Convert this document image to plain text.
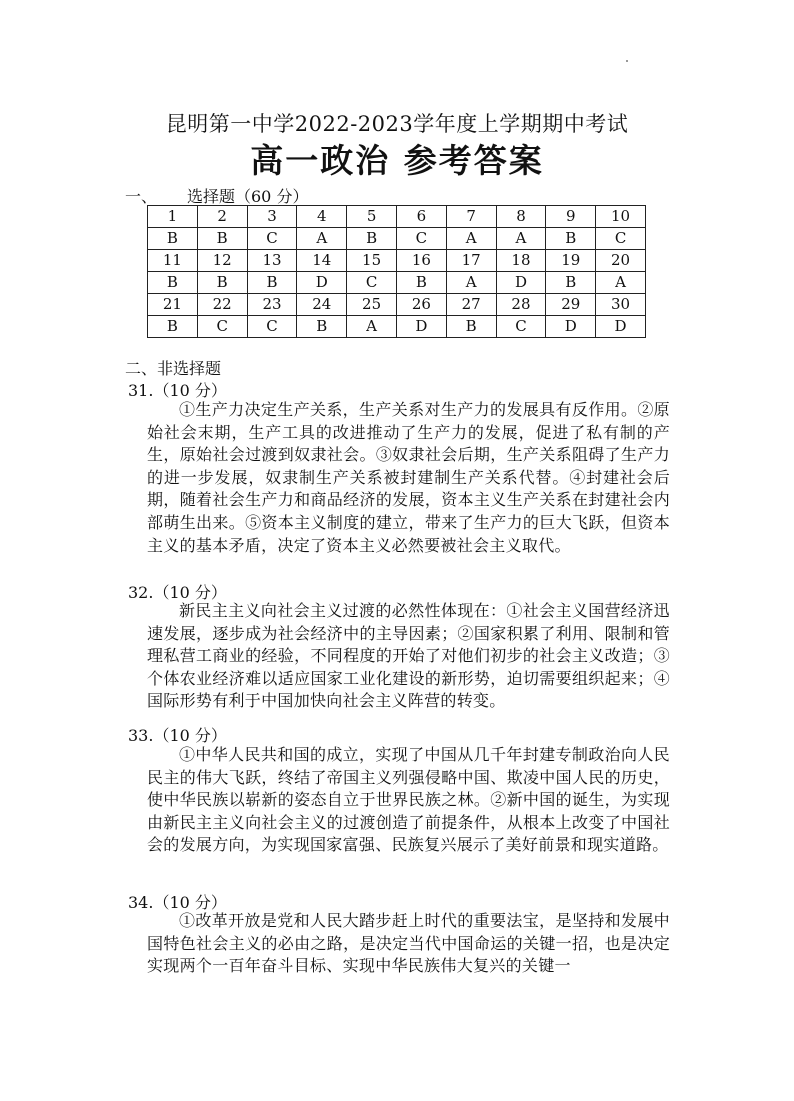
昆明第一中学2022-2023学年度上学期期中考试
高一政治 参考答案
一、 选择题（60 分）
1	2	3	4	5	6	7	8	9	10
B	B	C	A	B	C	A	A	B	C
11	12	13	14	15	16	17	18	19	20
B	B	B	D	C	B	A	D	B	A
21	22	23	24	25	26	27	28	29	30
B	C	C	B	A	D	B	C	D	D
二、非选择题
31.（10 分）

①生产力决定生产关系，生产关系对生产力的发展具有反作用。②原始社会末期，生产工具的改进推动了生产力的发展，促进了私有制的产生，原始社会过渡到奴隶社会。③奴隶社会后期，生产关系阻碍了生产力的进一步发展，奴隶制生产关系被封建制生产关系代替。④封建社会后期，随着社会生产力和商品经济的发展，资本主义生产关系在封建社会内部萌生出来。⑤资本主义制度的建立，带来了生产力的巨大飞跃，但资本主义的基本矛盾，决定了资本主义必然要被社会主义取代。

32.（10 分）

新民主主义向社会主义过渡的必然性体现在：①社会主义国营经济迅速发展，逐步成为社会经济中的主导因素；②国家积累了利用、限制和管理私营工商业的经验，不同程度的开始了对他们初步的社会主义改造；③个体农业经济难以适应国家工业化建设的新形势，迫切需要组织起来；④国际形势有利于中国加快向社会主义阵营的转变。

33.（10 分）

①中华人民共和国的成立，实现了中国从几千年封建专制政治向人民民主的伟大飞跃，终结了帝国主义列强侵略中国、欺凌中国人民的历史，使中华民族以崭新的姿态自立于世界民族之林。②新中国的诞生，为实现由新民主主义向社会主义的过渡创造了前提条件，从根本上改变了中国社会的发展方向，为实现国家富强、民族复兴展示了美好前景和现实道路。

34.（10 分）

①改革开放是党和人民大踏步赶上时代的重要法宝，是坚持和发展中国特色社会主义的必由之路，是决定当代中国命运的关键一招，也是决定实现两个一百年奋斗目标、实现中华民族伟大复兴的关键一
